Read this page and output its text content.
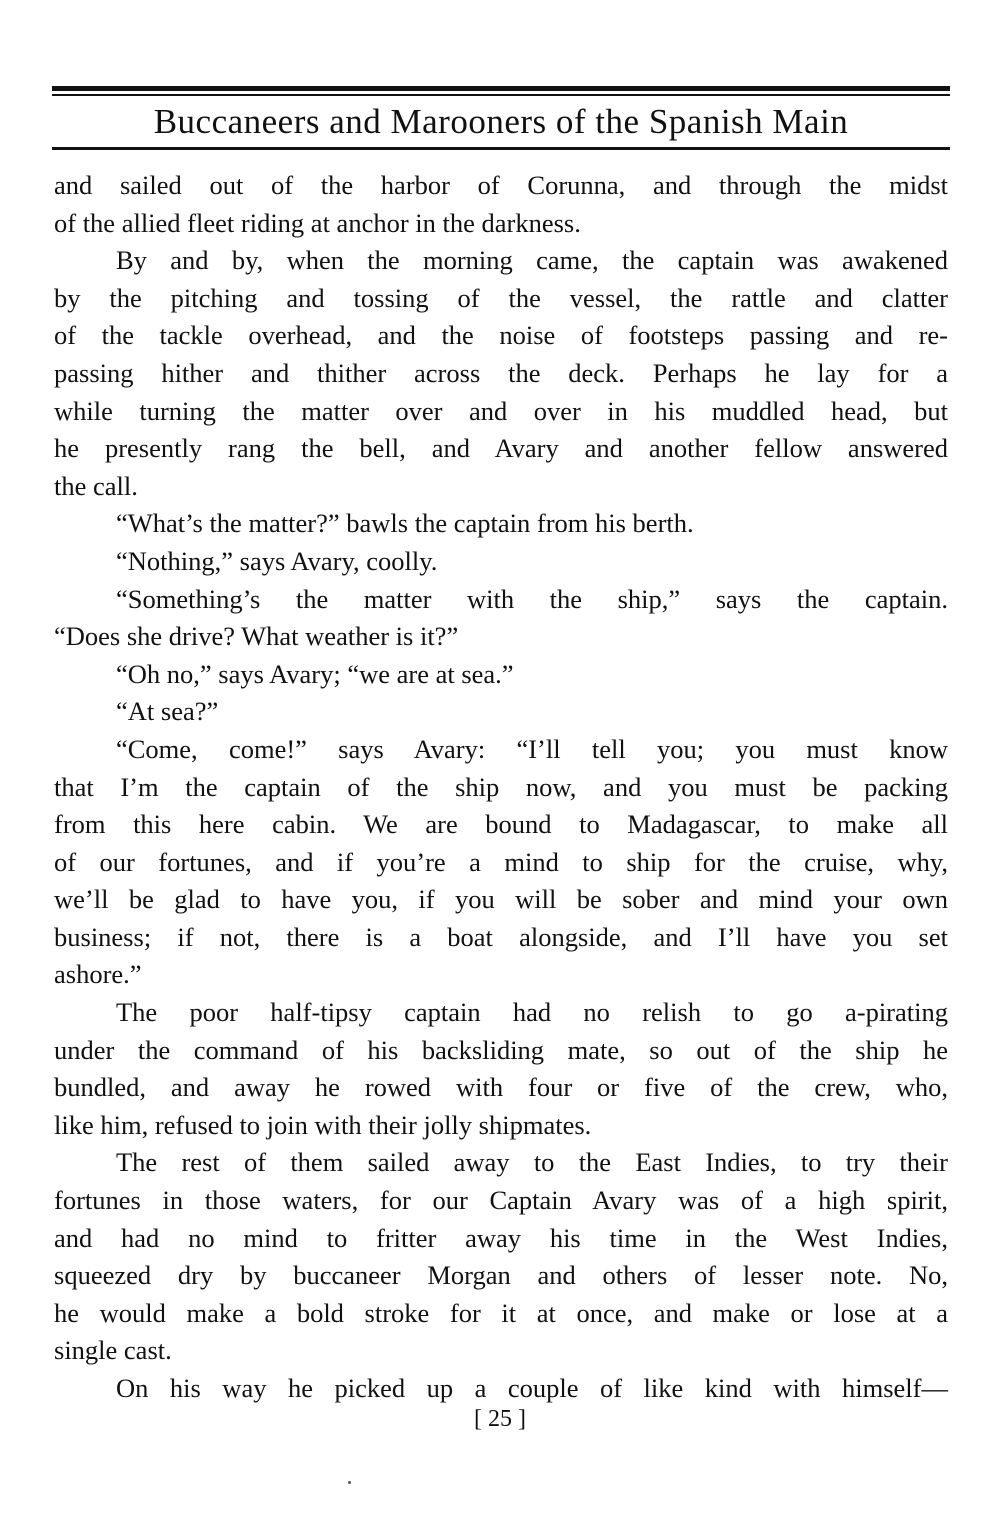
Buccaneers and Marooners of the Spanish Main
and sailed out of the harbor of Corunna, and through the midst
of the allied fleet riding at anchor in the darkness.
By and by, when the morning came, the captain was awakened
by the pitching and tossing of the vessel, the rattle and clatter
of the tackle overhead, and the noise of footsteps passing and re-
passing hither and thither across the deck. Perhaps he lay for a
while turning the matter over and over in his muddled head, but
he presently rang the bell, and Avary and another fellow answered
the call.
“What’s the matter?” bawls the captain from his berth.
“Nothing,” says Avary, coolly.
“Something’s the matter with the ship,” says the captain.
“Does she drive? What weather is it?”
“Oh no,” says Avary; “we are at sea.”
“At sea?”
“Come, come!” says Avary: “I’ll tell you; you must know
that I’m the captain of the ship now, and you must be packing
from this here cabin. We are bound to Madagascar, to make all
of our fortunes, and if you’re a mind to ship for the cruise, why,
we’ll be glad to have you, if you will be sober and mind your own
business; if not, there is a boat alongside, and I’ll have you set
ashore.”
The poor half-tipsy captain had no relish to go a-pirating
under the command of his backsliding mate, so out of the ship he
bundled, and away he rowed with four or five of the crew, who,
like him, refused to join with their jolly shipmates.
The rest of them sailed away to the East Indies, to try their
fortunes in those waters, for our Captain Avary was of a high spirit,
and had no mind to fritter away his time in the West Indies,
squeezed dry by buccaneer Morgan and others of lesser note. No,
he would make a bold stroke for it at once, and make or lose at a
single cast.
On his way he picked up a couple of like kind with himself—
[ 25 ]
